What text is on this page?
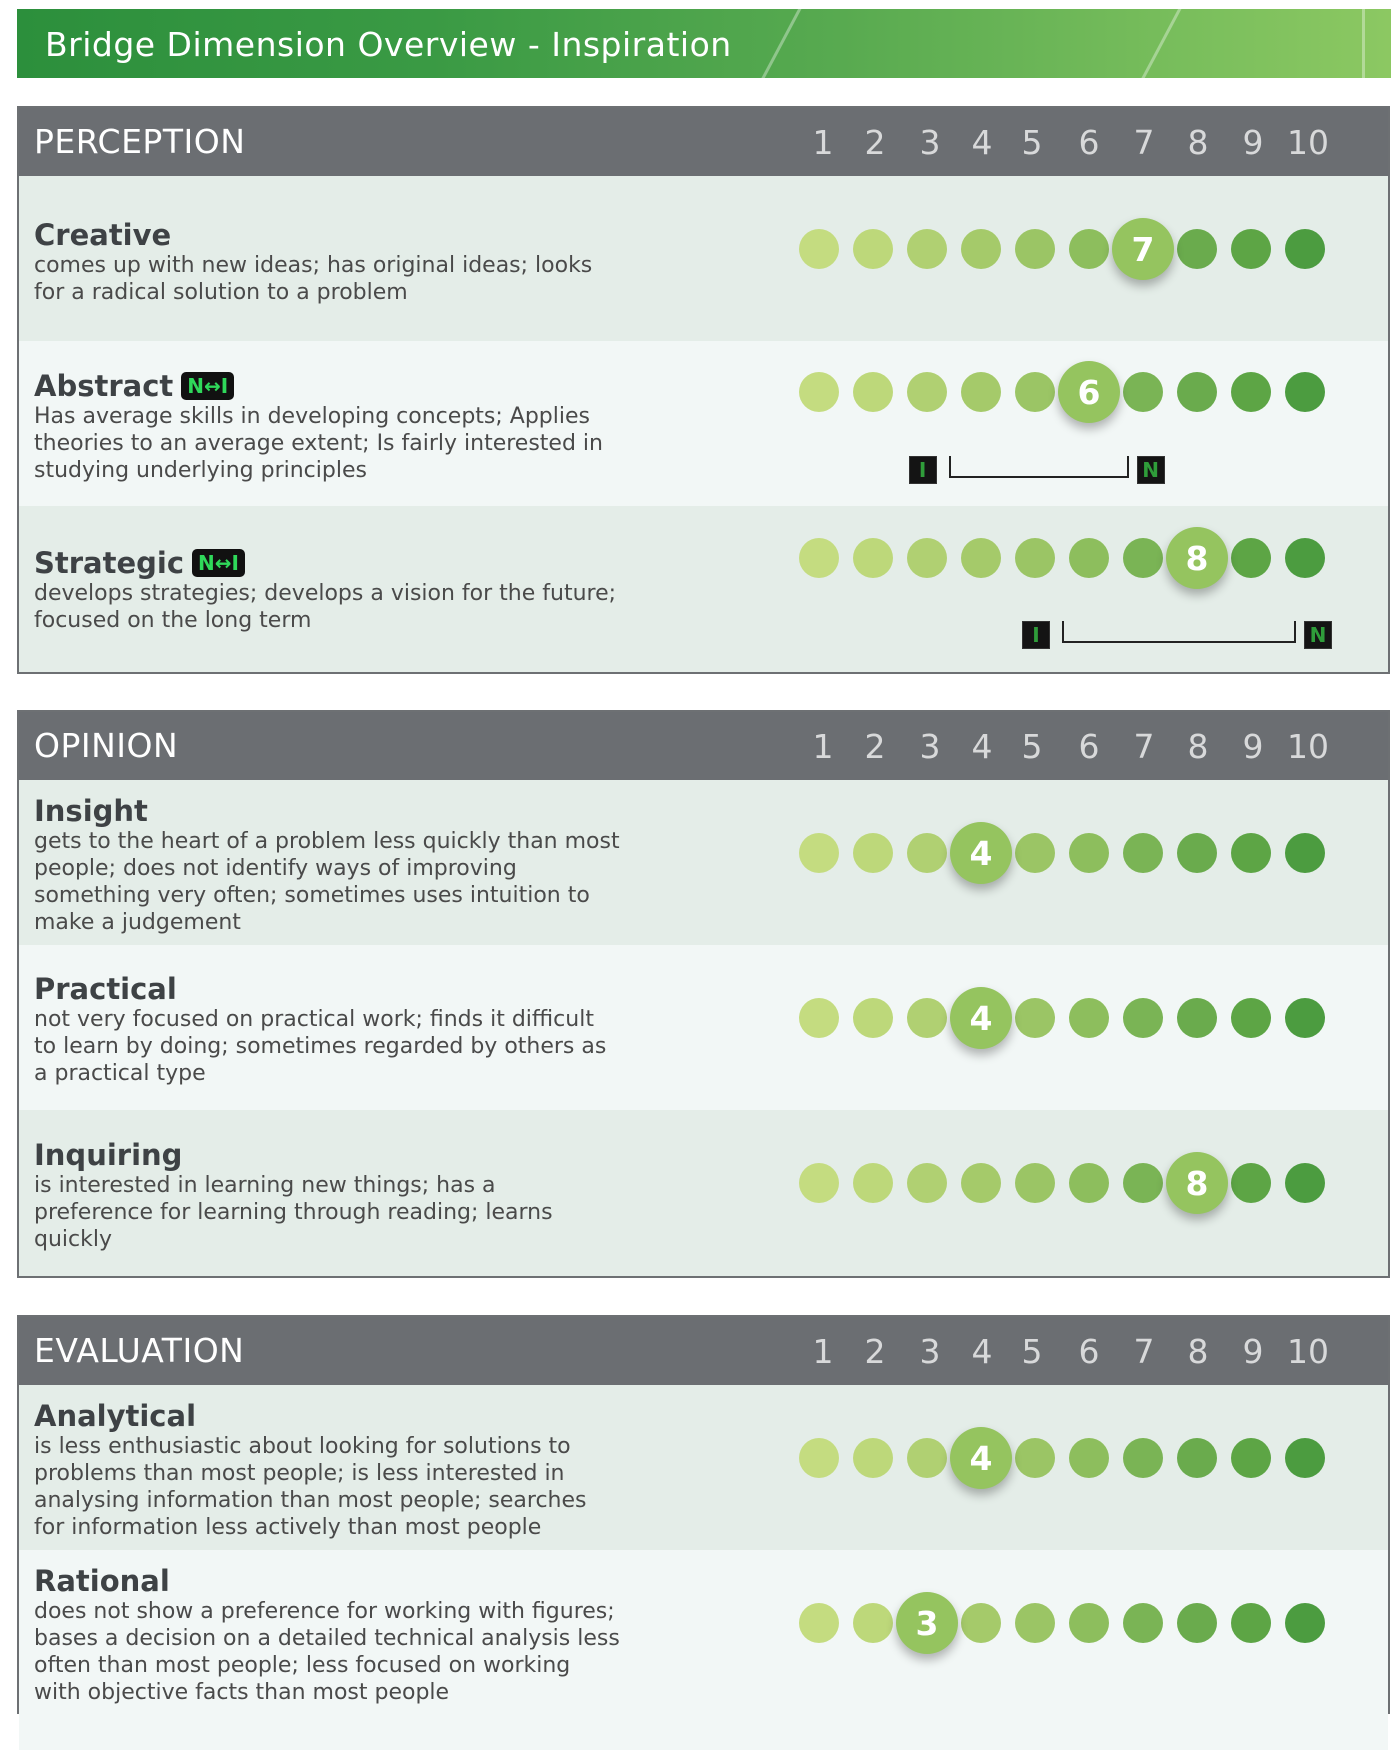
Bridge Dimension Overview - Inspiration
PERCEPTION	1 2 3 4 5 6 7 8 9 10
Creative
comes up with new ideas; has original ideas; looks
for a radical solution to a problem
7
Abstract N↔I
Has average skills in developing concepts; Applies
theories to an average extent; Is fairly interested in
studying underlying principles
6
I	N
Strategic N↔I
develops strategies; develops a vision for the future;
focused on the long term
8
I	N
OPINION	1 2 3 4 5 6 7 8 9 10
Insight
gets to the heart of a problem less quickly than most
people; does not identify ways of improving
something very often; sometimes uses intuition to
make a judgement
4
Practical
not very focused on practical work; finds it difficult
to learn by doing; sometimes regarded by others as
a practical type
4
Inquiring
is interested in learning new things; has a
preference for learning through reading; learns
quickly
8
EVALUATION	1 2 3 4 5 6 7 8 9 10
Analytical
is less enthusiastic about looking for solutions to
problems than most people; is less interested in
analysing information than most people; searches
for information less actively than most people
4
Rational
does not show a preference for working with figures;
bases a decision on a detailed technical analysis less
often than most people; less focused on working
with objective facts than most people
3
